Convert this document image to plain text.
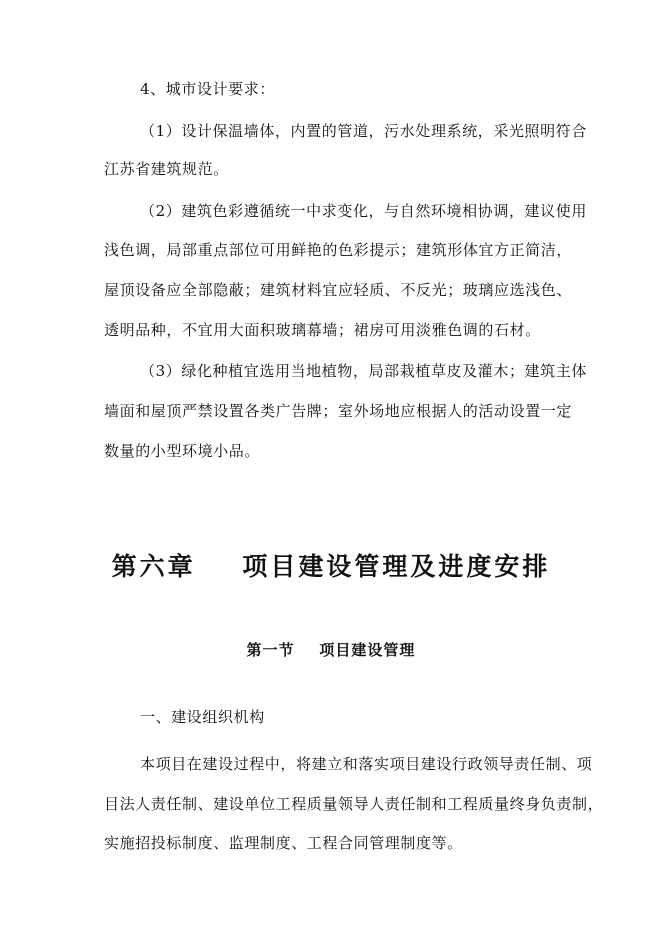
4、城市设计要求：
（1）设计保温墙体，内置的管道，污水处理系统，采光照明符合
江苏省建筑规范。
（2）建筑色彩遵循统一中求变化，与自然环境相协调，建议使用
浅色调，局部重点部位可用鲜艳的色彩提示；建筑形体宜方正简洁，
屋顶设备应全部隐蔽；建筑材料宜应轻质、不反光；玻璃应选浅色、
透明品种，不宜用大面积玻璃幕墙；裙房可用淡雅色调的石材。
（3）绿化种植宜选用当地植物，局部栽植草皮及灌木；建筑主体
墙面和屋顶严禁设置各类广告牌；室外场地应根据人的活动设置一定
数量的小型环境小品。
第六章    项目建设管理及进度安排
第一节    项目建设管理
一、建设组织机构
本项目在建设过程中，将建立和落实项目建设行政领导责任制、项
目法人责任制、建设单位工程质量领导人责任制和工程质量终身负责制，
实施招投标制度、监理制度、工程合同管理制度等。
